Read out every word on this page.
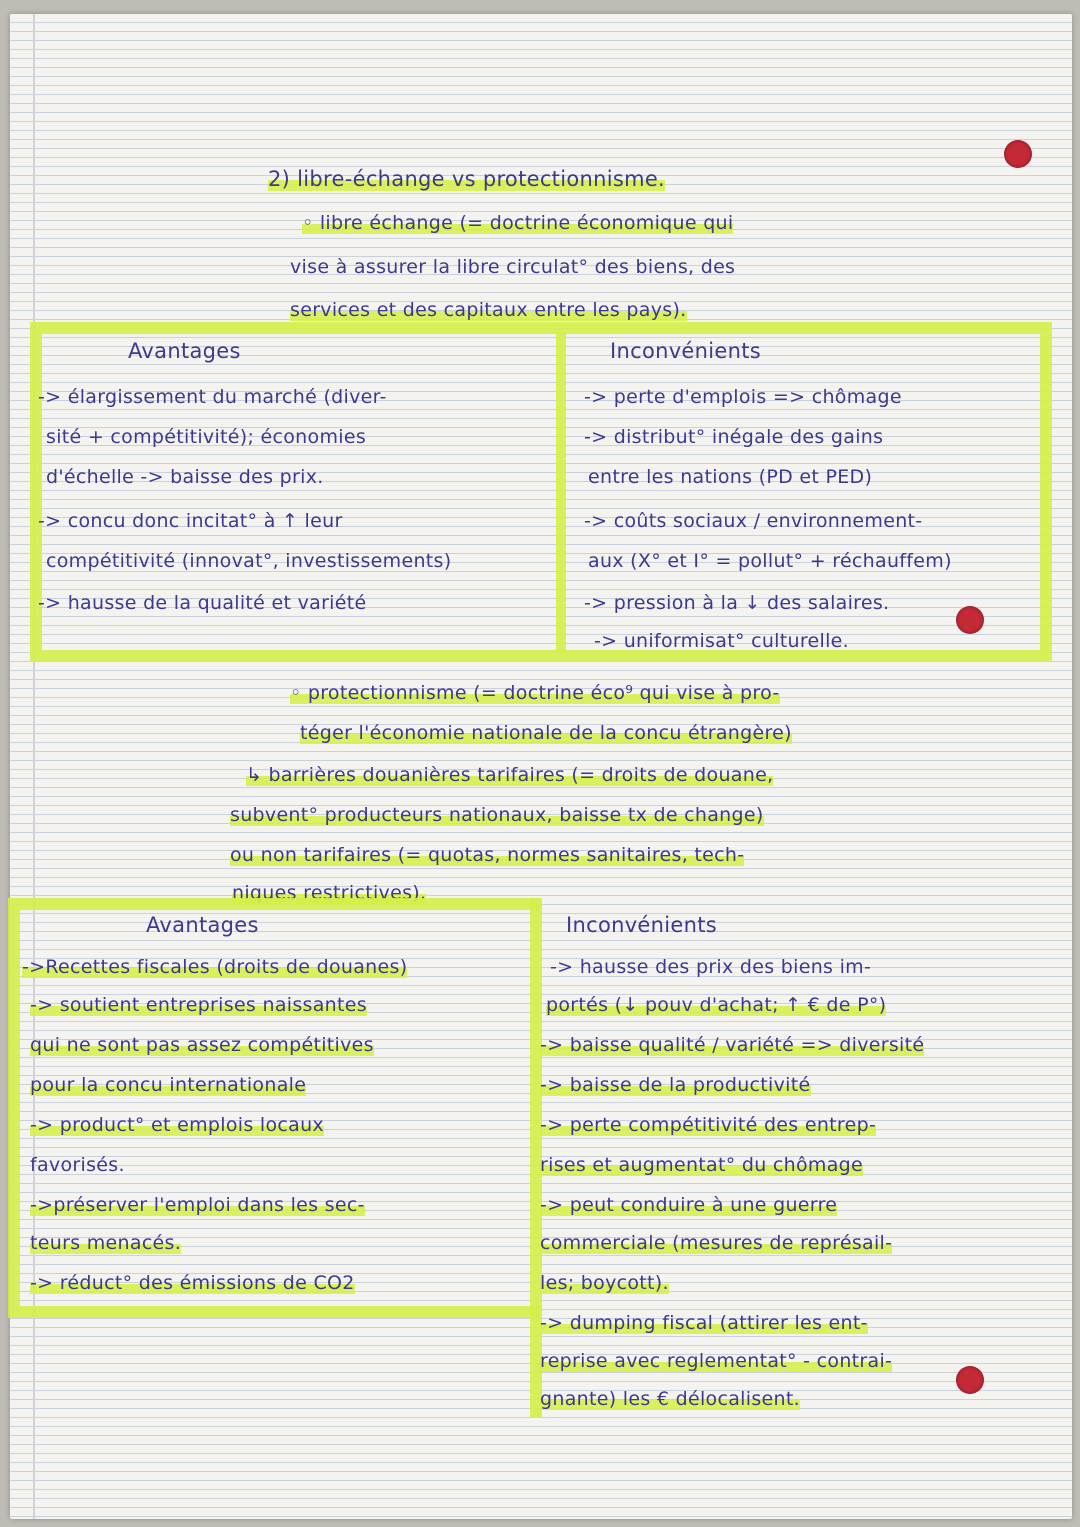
2) libre-échange vs protectionnisme.
◦ libre échange (= doctrine économique qui
vise à assurer la libre circulat° des biens, des
services et des capitaux entre les pays).
Avantages	Inconvénients
-> élargissement du marché (diver-
sité + compétitivité); économies
d'échelle -> baisse des prix.
-> concu donc incitat° à ↑ leur
compétitivité (innovat°, investissements)
-> hausse de la qualité et variété
-> perte d'emplois => chômage
-> distribut° inégale des gains
entre les nations (PD et PED)
-> coûts sociaux / environnement-
aux (X° et I° = pollut° + réchauffem)
-> pression à la ↓ des salaires.
-> uniformisat° culturelle.
◦ protectionnisme (= doctrine éco⁹ qui vise à pro-
téger l'économie nationale de la concu étrangère)
↳ barrières douanières tarifaires (= droits de douane,
subvent° producteurs nationaux, baisse tx de change)
ou non tarifaires (= quotas, normes sanitaires, tech-
niques restrictives).
Avantages	Inconvénients
->Recettes fiscales (droits de douanes)
-> soutient entreprises naissantes
qui ne sont pas assez compétitives
pour la concu internationale
-> product° et emplois locaux
favorisés.
->préserver l'emploi dans les sec-
teurs menacés.
-> réduct° des émissions de CO2
-> hausse des prix des biens im-
portés (↓ pouv d'achat; ↑ € de P°)
-> baisse qualité / variété => diversité
-> baisse de la productivité
-> perte compétitivité des entrep-
rises et augmentat° du chômage
-> peut conduire à une guerre
commerciale (mesures de représail-
les; boycott).
-> dumping fiscal (attirer les ent-
reprise avec reglementat° - contrai-
gnante) les € délocalisent.
